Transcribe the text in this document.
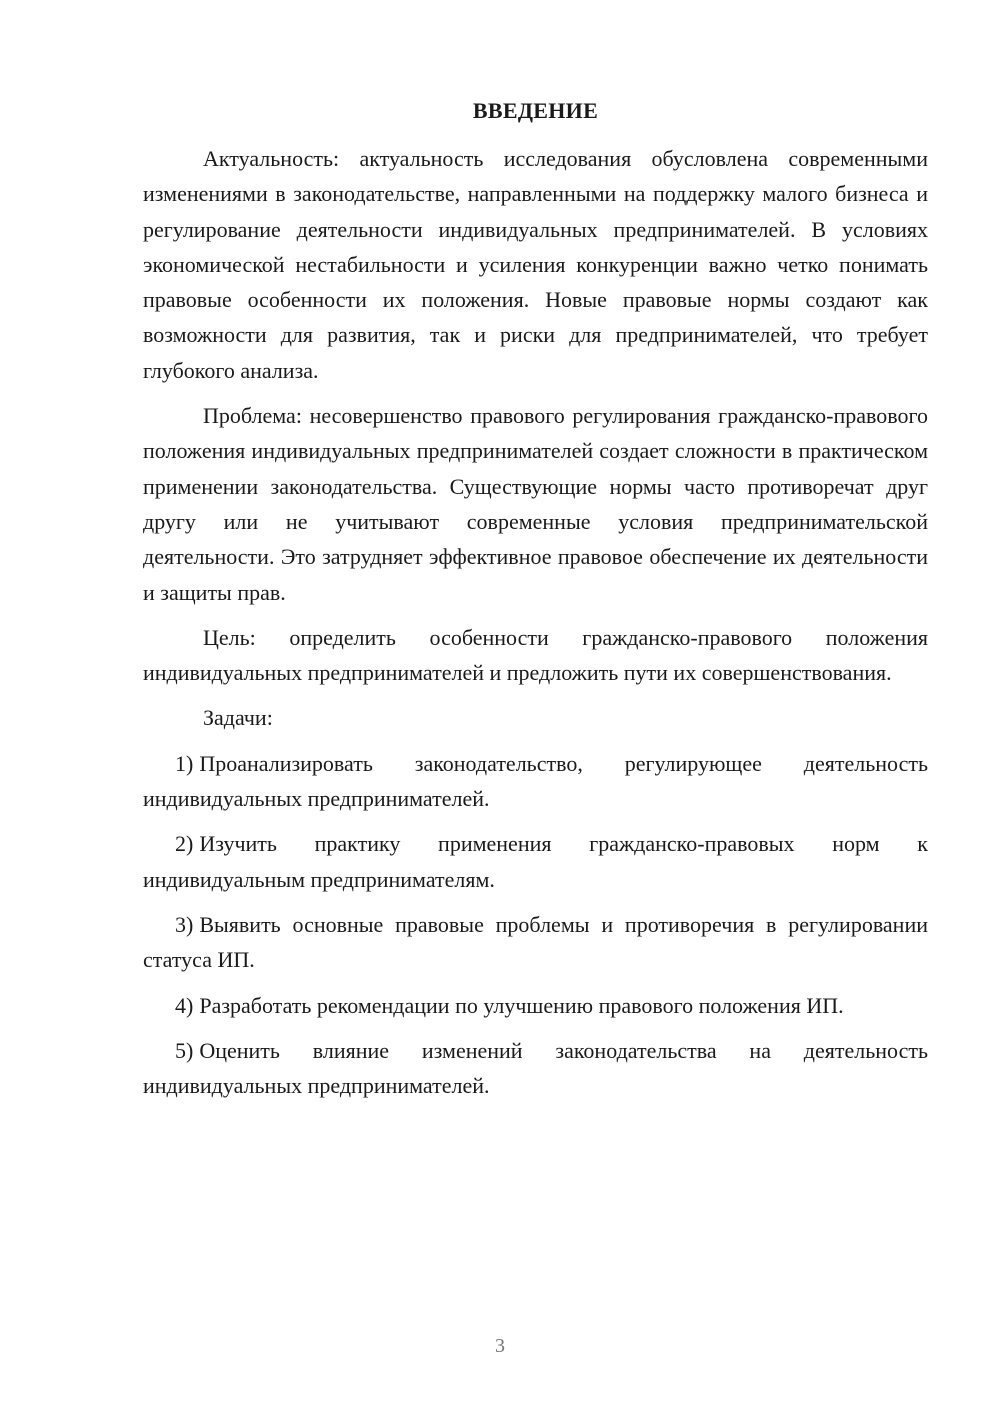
ВВЕДЕНИЕ

Актуальность: актуальность исследования обусловлена современными изменениями в законодательстве, направленными на поддержку малого бизнеса и регулирование деятельности индивидуальных предпринимателей. В условиях экономической нестабильности и усиления конкуренции важно четко понимать правовые особенности их положения. Новые правовые нормы создают как возможности для развития, так и риски для предпринимателей, что требует глубокого анализа.

Проблема: несовершенство правового регулирования гражданско-правового положения индивидуальных предпринимателей создает сложности в практическом применении законодательства. Существующие нормы часто противоречат друг другу или не учитывают современные условия предпринимательской деятельности. Это затрудняет эффективное правовое обеспечение их деятельности и защиты прав.

Цель: определить особенности гражданско-правового положения индивидуальных предпринимателей и предложить пути их совершенствования.

Задачи:

1) Проанализировать законодательство, регулирующее деятельность индивидуальных предпринимателей.

2) Изучить практику применения гражданско-правовых норм к индивидуальным предпринимателям.

3) Выявить основные правовые проблемы и противоречия в регулировании статуса ИП.

4) Разработать рекомендации по улучшению правового положения ИП.

5) Оценить влияние изменений законодательства на деятельность индивидуальных предпринимателей.

3
